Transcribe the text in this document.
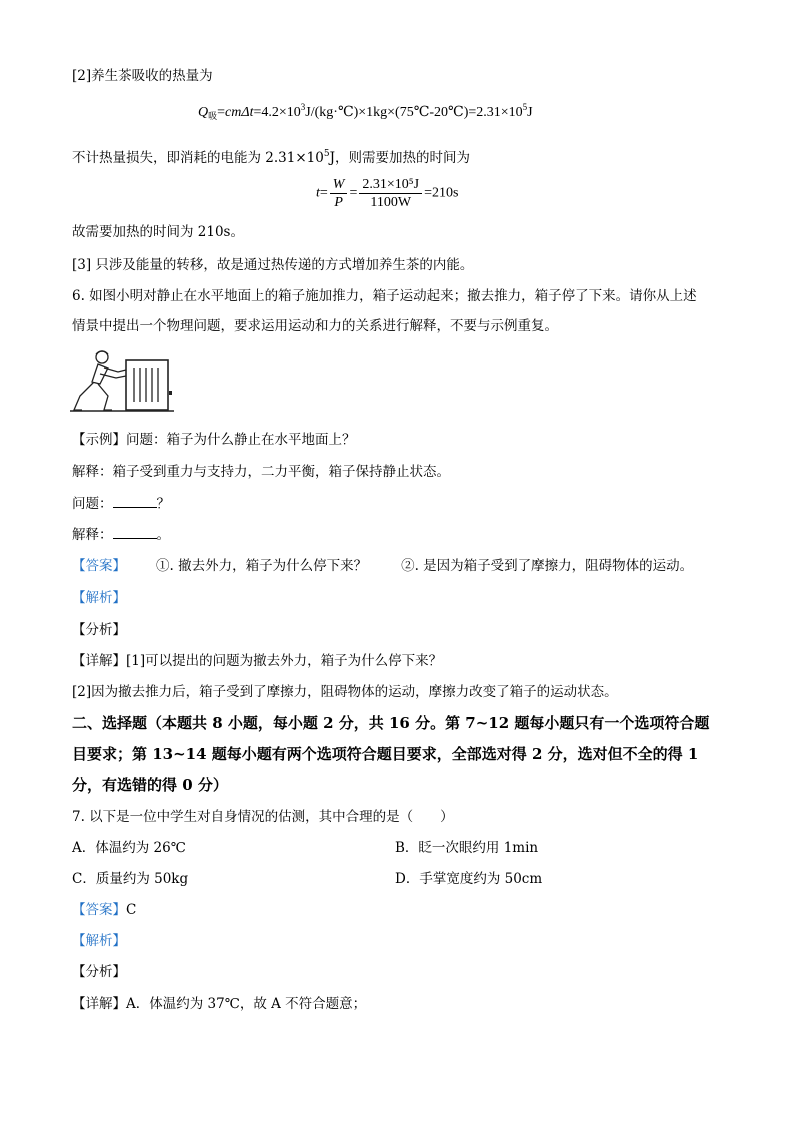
[2]养生茶吸收的热量为
$Q_吸=cm\Delta t=4.2\times 10^3J/(kg\cdot℃)\times 1kg\times(75℃-20℃)=2.31\times 10^5J$
不计热量损失，即消耗的电能为 $2.31\times 10^5J$，则需要加热的时间为
$t= \frac{W}{P} = \frac{\text{2.31×10⁵J}}{1100W} =210s$
故需要加热的时间为 210s。
[3] 只涉及能量的转移，故是通过热传递的方式增加养生茶的内能。
6. 如图小明对静止在水平地面上的箱子施加推力，箱子运动起来；撤去推力，箱子停了下来。请你从上述
情景中提出一个物理问题，要求运用运动和力的关系进行解释，不要与示例重复。
【示例】问题：箱子为什么静止在水平地面上？
解释：箱子受到重力与支持力，二力平衡，箱子保持静止状态。
问题：	？
解释：	。
【答案】 ①. 撤去外力，箱子为什么停下来？	②. 是因为箱子受到了摩擦力，阻碍物体的运动。
【解析】
【分析】
【详解】[1]可以提出的问题为撤去外力，箱子为什么停下来？
[2]因为撤去推力后，箱子受到了摩擦力，阻碍物体的运动，摩擦力改变了箱子的运动状态。
二、选择题（本题共 8 小题，每小题 2 分，共 16 分。第 7~12 题每小题只有一个选项符合题
目要求；第 13~14 题每小题有两个选项符合题目要求，全部选对得 2 分，选对但不全的得 1
分，有选错的得 0 分）
7. 以下是一位中学生对自身情况的估测，其中合理的是（　　）
A．体温约为 26℃	B．眨一次眼约用 1min
C．质量约为 50kg	D．手掌宽度约为 50cm
【答案】C
【解析】
【分析】
【详解】A．体温约为 37℃，故 A 不符合题意；
